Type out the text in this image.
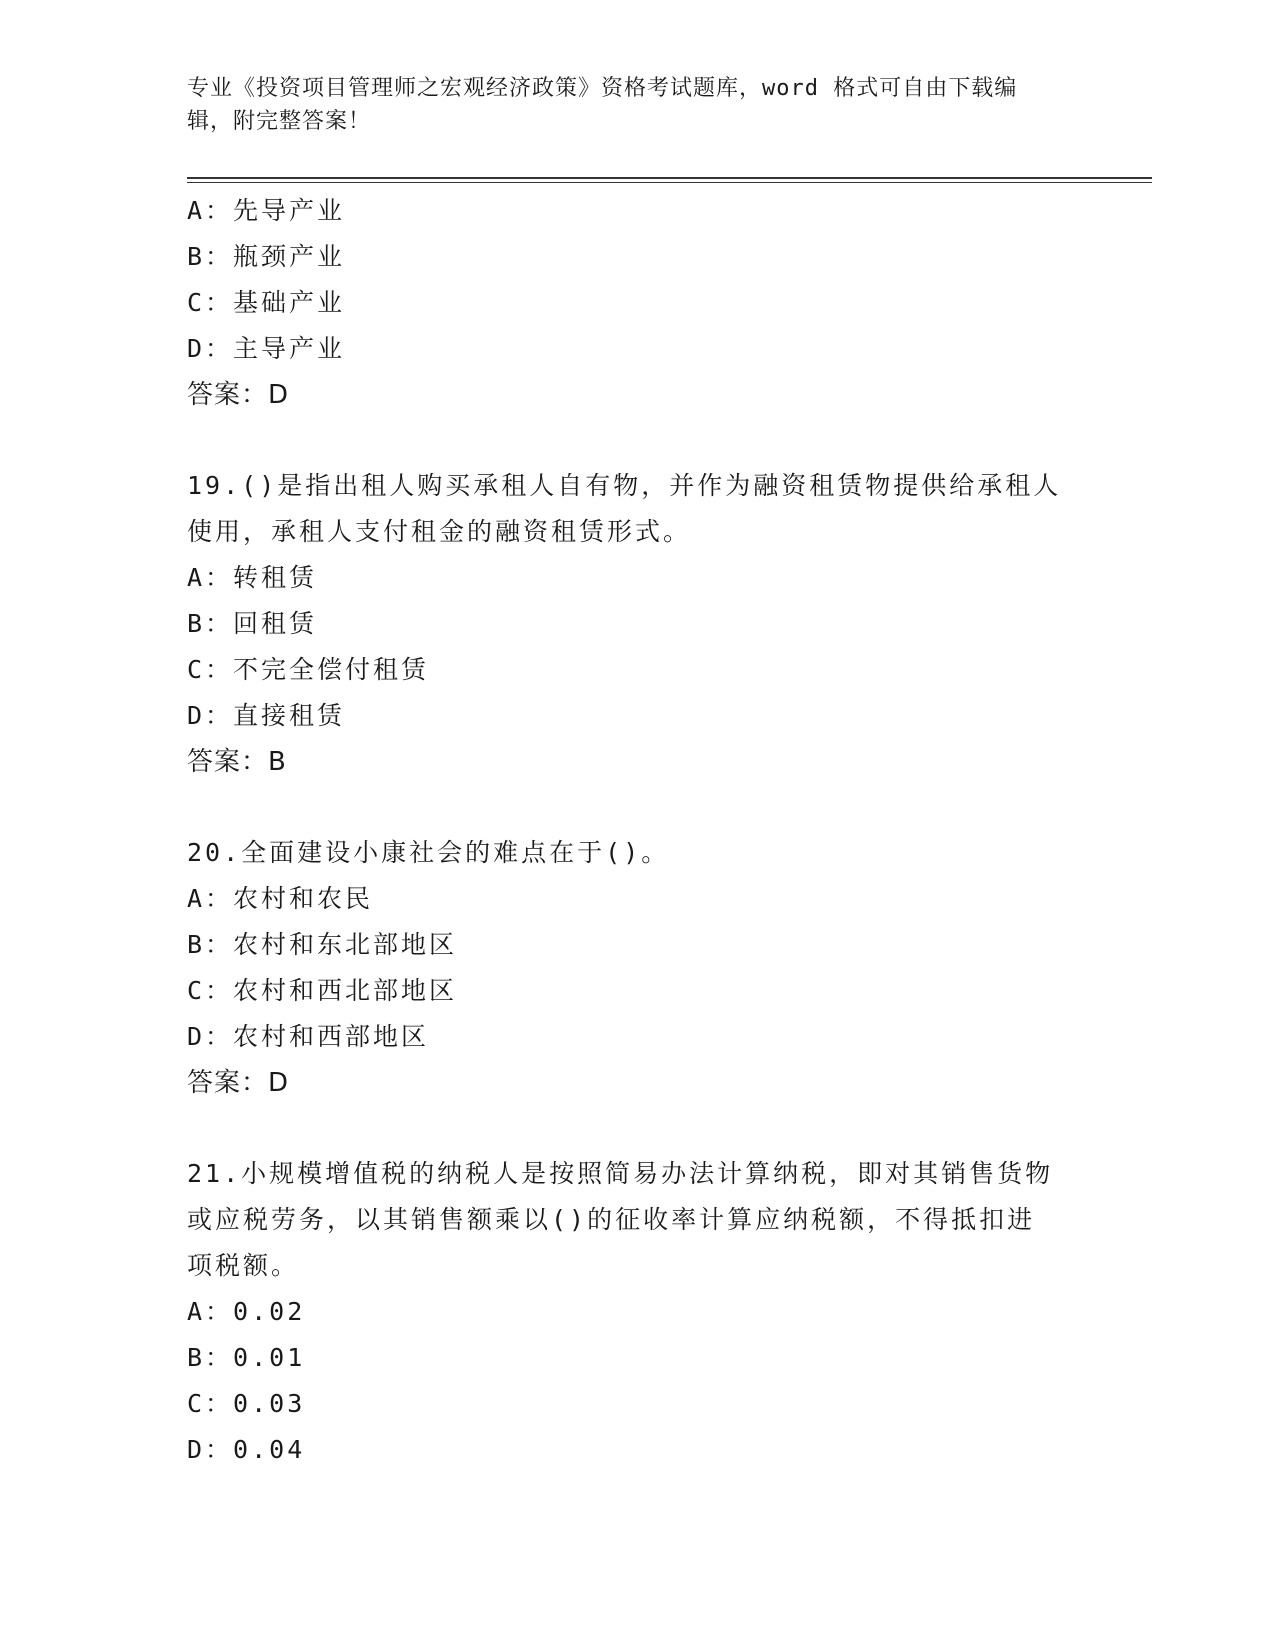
专业《投资项目管理师之宏观经济政策》资格考试题库，word 格式可自由下载编
辑，附完整答案！
A：先导产业
B：瓶颈产业
C：基础产业
D：主导产业
答案：D
19.()是指出租人购买承租人自有物，并作为融资租赁物提供给承租人
使用，承租人支付租金的融资租赁形式。
A：转租赁
B：回租赁
C：不完全偿付租赁
D：直接租赁
答案：B
20.全面建设小康社会的难点在于()。
A：农村和农民
B：农村和东北部地区
C：农村和西北部地区
D：农村和西部地区
答案：D
21.小规模增值税的纳税人是按照简易办法计算纳税，即对其销售货物
或应税劳务，以其销售额乘以()的征收率计算应纳税额，不得抵扣进
项税额。
A：0.02
B：0.01
C：0.03
D：0.04
